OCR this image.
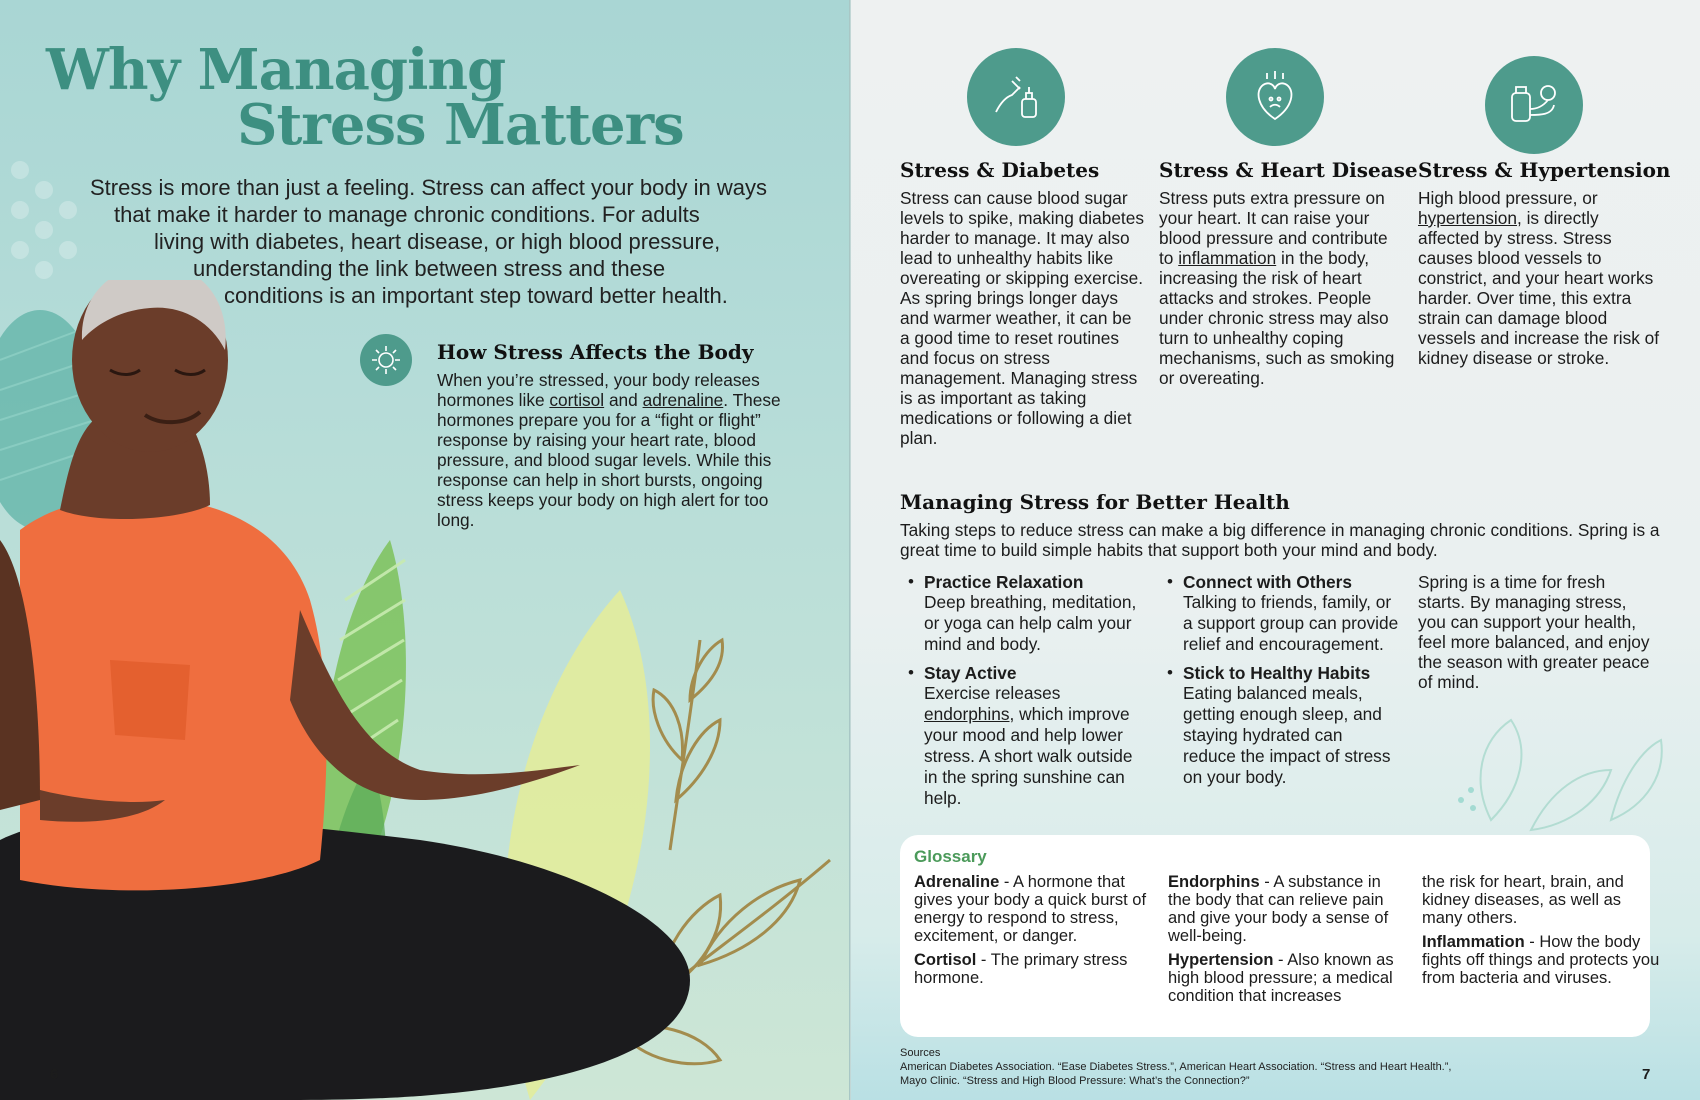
Why Managing
Stress Matters
Stress is more than just a feeling. Stress can affect your body in ways
that make it harder to manage chronic conditions. For adults
living with diabetes, heart disease, or high blood pressure,
understanding the link between stress and these
conditions is an important step toward better health.
How Stress Affects the Body
When you’re stressed, your body releases hormones like cortisol and adrenaline. These hormones prepare you for a “fight or flight” response by raising your heart rate, blood pressure, and blood sugar levels. While this response can help in short bursts, ongoing stress keeps your body on high alert for too long.
6
Stress & Diabetes
Stress can cause blood sugar levels to spike, making diabetes harder to manage. It may also lead to unhealthy habits like overeating or skipping exercise. As spring brings longer days and warmer weather, it can be a good time to reset routines and focus on stress management. Managing stress is as important as taking medications or following a diet plan.
Stress & Heart Disease
Stress puts extra pressure on your heart. It can raise your blood pressure and contribute to inflammation in the body, increasing the risk of heart attacks and strokes. People under chronic stress may also turn to unhealthy coping mechanisms, such as smoking or overeating.
Stress & Hypertension
High blood pressure, or hypertension, is directly affected by stress. Stress causes blood vessels to constrict, and your heart works harder. Over time, this extra strain can damage blood vessels and increase the risk of kidney disease or stroke.
Managing Stress for Better Health
Taking steps to reduce stress can make a big difference in managing chronic conditions. Spring is a great time to build simple habits that support both your mind and body.
• Practice Relaxation
Deep breathing, meditation, or yoga can help calm your mind and body.
• Stay Active
Exercise releases endorphins, which improve your mood and help lower stress. A short walk outside in the spring sunshine can help.
• Connect with Others
Talking to friends, family, or a support group can provide relief and encouragement.
• Stick to Healthy Habits
Eating balanced meals, getting enough sleep, and staying hydrated can reduce the impact of stress on your body.
Spring is a time for fresh starts. By managing stress, you can support your health, feel more balanced, and enjoy the season with greater peace of mind.
7
Glossary

Adrenaline - A hormone that gives your body a quick burst of energy to respond to stress, excitement, or danger.

Cortisol - The primary stress hormone.

Endorphins - A substance in the body that can relieve pain and give your body a sense of well-being.

Hypertension - Also known as high blood pressure; a medical condition that increases

the risk for heart, brain, and kidney diseases, as well as many others.

Inflammation - How the body fights off things and protects you from bacteria and viruses.

Sources
American Diabetes Association. “Ease Diabetes Stress.”, American Heart Association. “Stress and Heart Health.”,
Mayo Clinic. “Stress and High Blood Pressure: What’s the Connection?”
